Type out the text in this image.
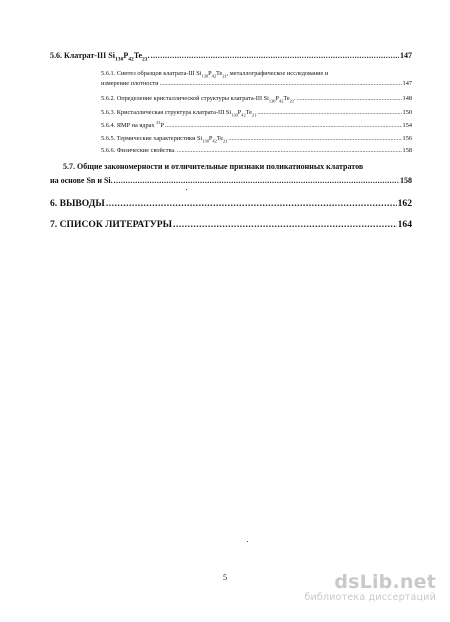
5.6. Клатрат-III $Si_{130}P_{42}Te_{21}$. .....	147
5.6.1. Синтез образцов клатрата-III $Si_{130}P_{42}Te_{21}$, металлографическое исследование и
измерение плотности .....	147
5.6.2. Определение кристаллической структуры клатрата-III $Si_{130}P_{42}Te_{21}$. .....	148
5.6.3. Кристаллическая структура клатрата-III $Si_{130}P_{42}Te_{21}$ .....	150
5.6.4. ЯМР на ядрах $^{31}$P .....	154
5.6.5. Термические характеристики $Si_{130}P_{42}Te_{21}$ .....	156
5.6.6. Физические свойства. .....	158
5.7. Общие закономерности и отличительные признаки поликатионных клатратов
на основе Sn и Si. .....	158
6. ВЫВОДЫ .....	162
7. СПИСОК ЛИТЕРАТУРЫ .....	164
5	dsLib.net
библиотека диссертаций
